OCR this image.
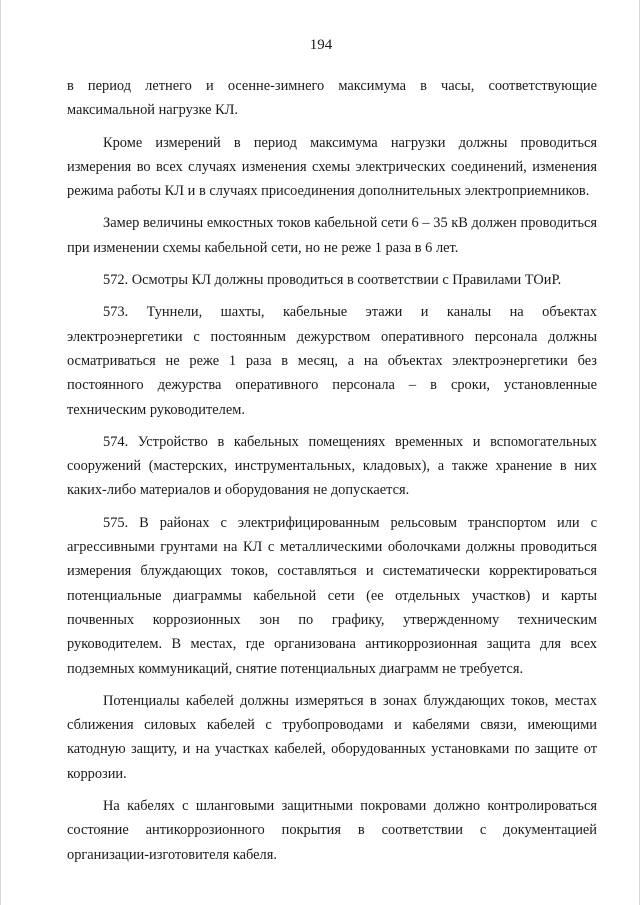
194

в период летнего и осенне-зимнего максимума в часы, соответствующие максимальной нагрузке КЛ.

Кроме измерений в период максимума нагрузки должны проводиться измерения во всех случаях изменения схемы электрических соединений, изменения режима работы КЛ и в случаях присоединения дополнительных электроприемников.

Замер величины емкостных токов кабельной сети 6 – 35 кВ должен проводиться при изменении схемы кабельной сети, но не реже 1 раза в 6 лет.

572. Осмотры КЛ должны проводиться в соответствии с Правилами ТОиР.

573. Туннели, шахты, кабельные этажи и каналы на объектах электроэнергетики с постоянным дежурством оперативного персонала должны осматриваться не реже 1 раза в месяц, а на объектах электроэнергетики без постоянного дежурства оперативного персонала – в сроки, установленные техническим руководителем.

574. Устройство в кабельных помещениях временных и вспомогательных сооружений (мастерских, инструментальных, кладовых), а также хранение в них каких-либо материалов и оборудования не допускается.

575. В районах с электрифицированным рельсовым транспортом или с агрессивными грунтами на КЛ с металлическими оболочками должны проводиться измерения блуждающих токов, составляться и систематически корректироваться потенциальные диаграммы кабельной сети (ее отдельных участков) и карты почвенных коррозионных зон по графику, утвержденному техническим руководителем. В местах, где организована антикоррозионная защита для всех подземных коммуникаций, снятие потенциальных диаграмм не требуется.

Потенциалы кабелей должны измеряться в зонах блуждающих токов, местах сближения силовых кабелей с трубопроводами и кабелями связи, имеющими катодную защиту, и на участках кабелей, оборудованных установками по защите от коррозии.

На кабелях с шланговыми защитными покровами должно контролироваться состояние антикоррозионного покрытия в соответствии с документацией организации-изготовителя кабеля.
